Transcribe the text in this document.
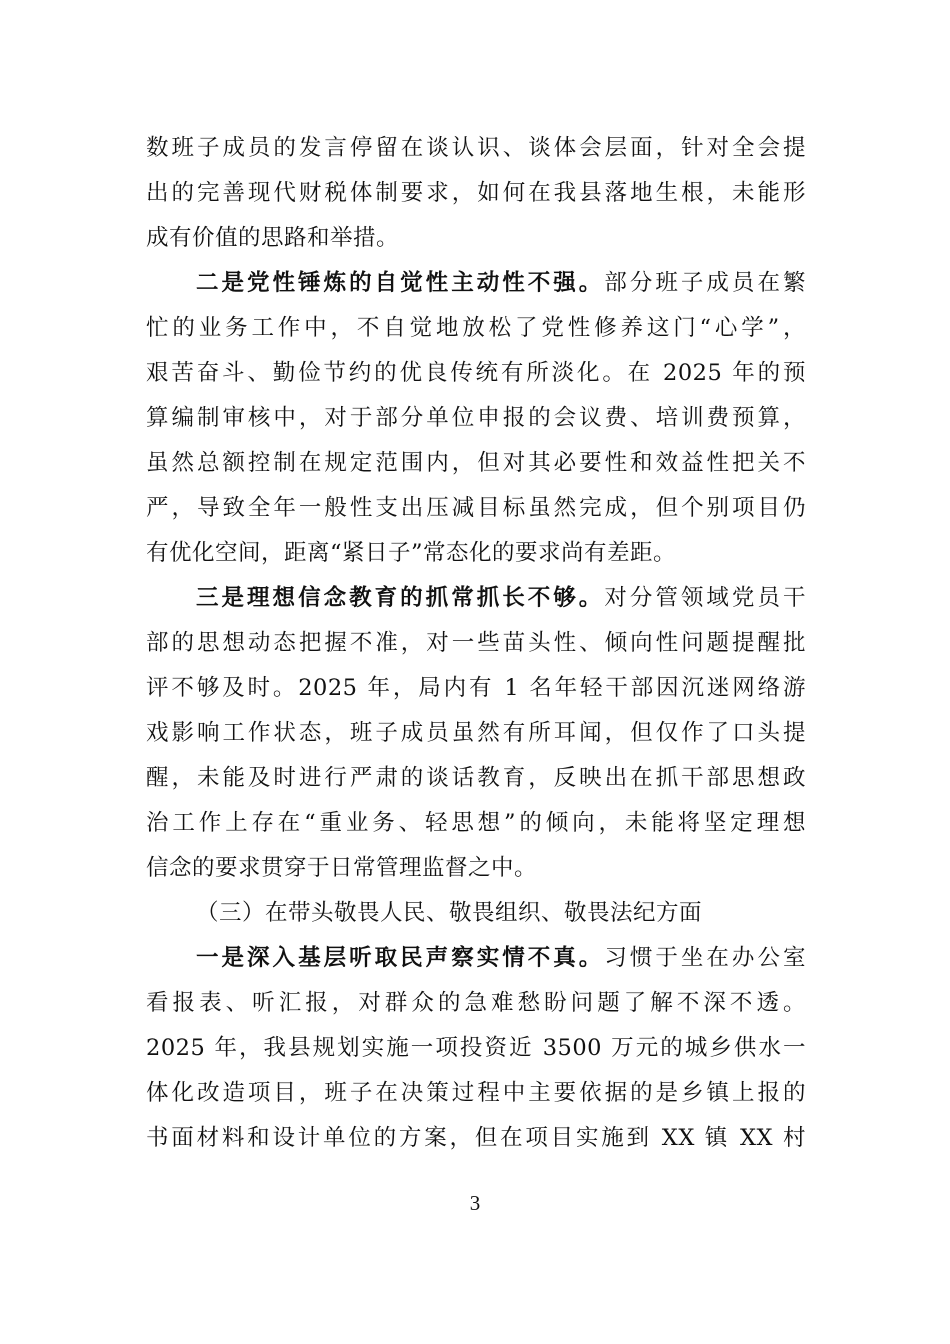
数班子成员的发言停留在谈认识、谈体会层面，针对全会提
出的完善现代财税体制要求，如何在我县落地生根，未能形
成有价值的思路和举措。
二是党性锤炼的自觉性主动性不强。部分班子成员在繁
忙的业务工作中，不自觉地放松了党性修养这门“心学”，
艰苦奋斗、勤俭节约的优良传统有所淡化。在 2025 年的预
算编制审核中，对于部分单位申报的会议费、培训费预算，
虽然总额控制在规定范围内，但对其必要性和效益性把关不
严，导致全年一般性支出压减目标虽然完成，但个别项目仍
有优化空间，距离“紧日子”常态化的要求尚有差距。
三是理想信念教育的抓常抓长不够。对分管领域党员干
部的思想动态把握不准，对一些苗头性、倾向性问题提醒批
评不够及时。2025 年，局内有 1 名年轻干部因沉迷网络游
戏影响工作状态，班子成员虽然有所耳闻，但仅作了口头提
醒，未能及时进行严肃的谈话教育，反映出在抓干部思想政
治工作上存在“重业务、轻思想”的倾向，未能将坚定理想
信念的要求贯穿于日常管理监督之中。
（三）在带头敬畏人民、敬畏组织、敬畏法纪方面
一是深入基层听取民声察实情不真。习惯于坐在办公室
看报表、听汇报，对群众的急难愁盼问题了解不深不透。
2025 年，我县规划实施一项投资近 3500 万元的城乡供水一
体化改造项目，班子在决策过程中主要依据的是乡镇上报的
书面材料和设计单位的方案，但在项目实施到 XX 镇 XX 村
3
